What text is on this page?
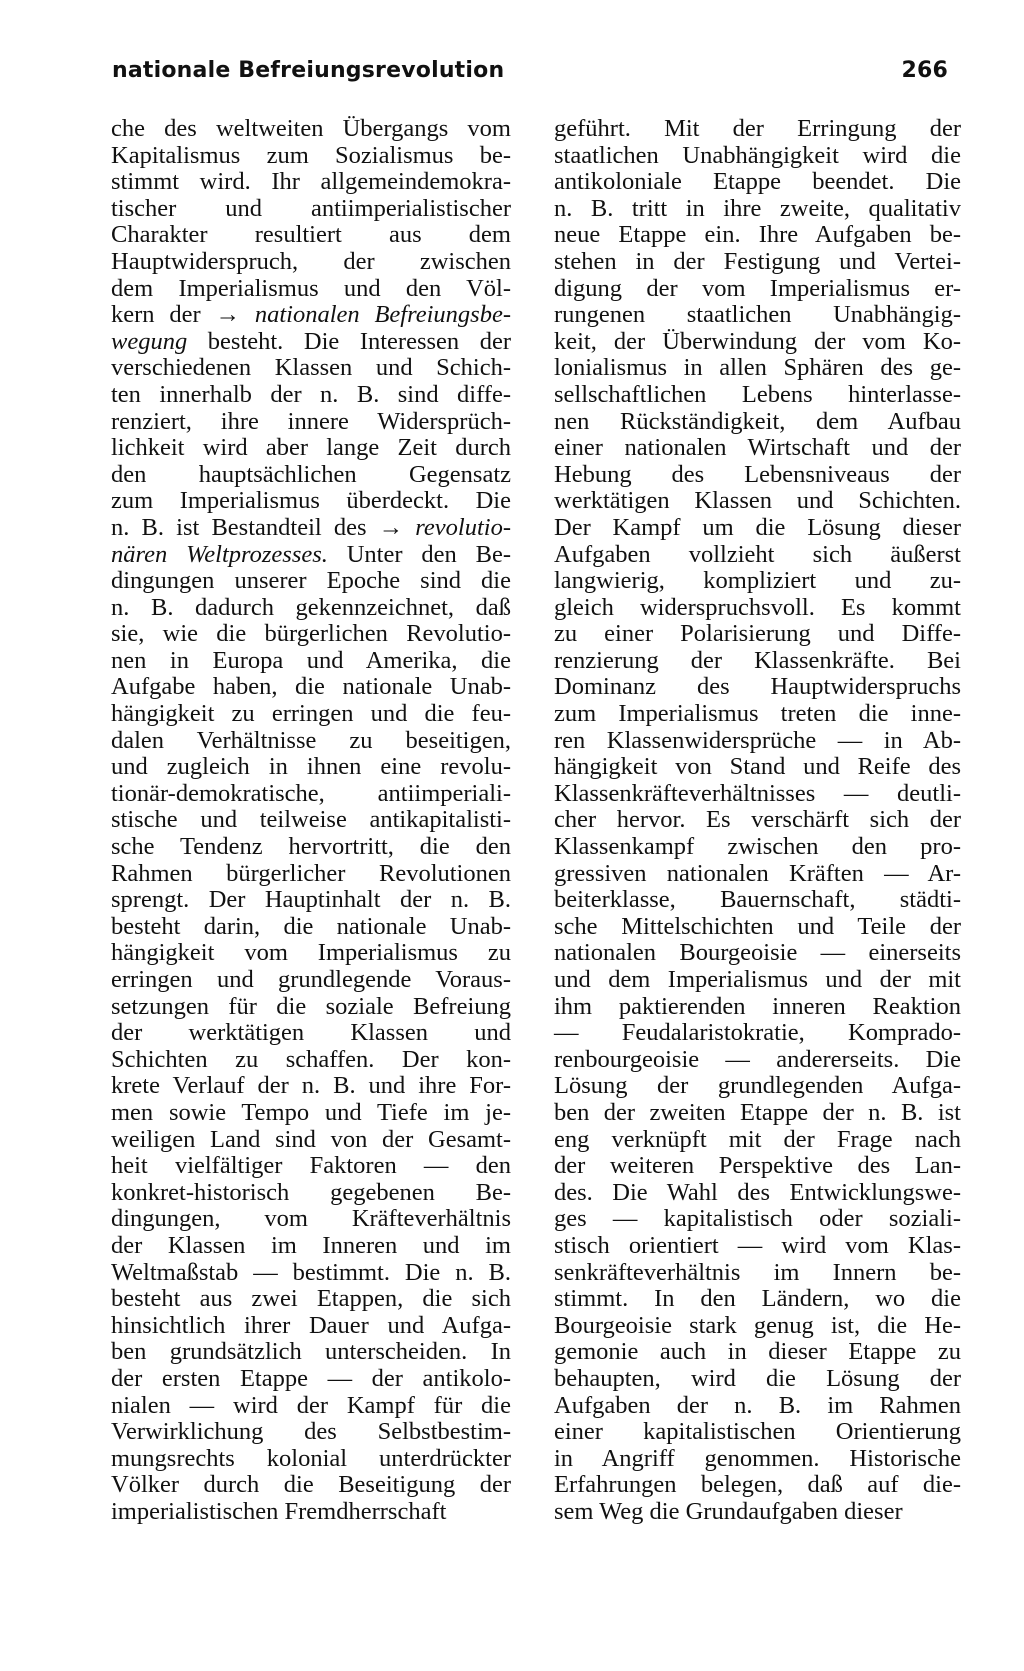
nationale Befreiungsrevolution	266
che des weltweiten Übergangs vom
Kapitalismus zum Sozialismus be-
stimmt wird. Ihr allgemeindemokra-
tischer und antiimperialistischer
Charakter resultiert aus dem
Hauptwiderspruch, der zwischen
dem Imperialismus und den Völ-
kern der → nationalen Befreiungsbe-
wegung besteht. Die Interessen der
verschiedenen Klassen und Schich-
ten innerhalb der n. B. sind diffe-
renziert, ihre innere Widersprüch-
lichkeit wird aber lange Zeit durch
den hauptsächlichen Gegensatz
zum Imperialismus überdeckt. Die
n. B. ist Bestandteil des → revolutio-
nären Weltprozesses. Unter den Be-
dingungen unserer Epoche sind die
n. B. dadurch gekennzeichnet, daß
sie, wie die bürgerlichen Revolutio-
nen in Europa und Amerika, die
Aufgabe haben, die nationale Unab-
hängigkeit zu erringen und die feu-
dalen Verhältnisse zu beseitigen,
und zugleich in ihnen eine revolu-
tionär-demokratische, antiimperiali-
stische und teilweise antikapitalisti-
sche Tendenz hervortritt, die den
Rahmen bürgerlicher Revolutionen
sprengt. Der Hauptinhalt der n. B.
besteht darin, die nationale Unab-
hängigkeit vom Imperialismus zu
erringen und grundlegende Voraus-
setzungen für die soziale Befreiung
der werktätigen Klassen und
Schichten zu schaffen. Der kon-
krete Verlauf der n. B. und ihre For-
men sowie Tempo und Tiefe im je-
weiligen Land sind von der Gesamt-
heit vielfältiger Faktoren — den
konkret-historisch gegebenen Be-
dingungen, vom Kräfteverhältnis
der Klassen im Inneren und im
Weltmaßstab — bestimmt. Die n. B.
besteht aus zwei Etappen, die sich
hinsichtlich ihrer Dauer und Aufga-
ben grundsätzlich unterscheiden. In
der ersten Etappe — der antikolo-
nialen — wird der Kampf für die
Verwirklichung des Selbstbestim-
mungsrechts kolonial unterdrückter
Völker durch die Beseitigung der
imperialistischen Fremdherrschaft
geführt. Mit der Erringung der
staatlichen Unabhängigkeit wird die
antikoloniale Etappe beendet. Die
n. B. tritt in ihre zweite, qualitativ
neue Etappe ein. Ihre Aufgaben be-
stehen in der Festigung und Vertei-
digung der vom Imperialismus er-
rungenen staatlichen Unabhängig-
keit, der Überwindung der vom Ko-
lonialismus in allen Sphären des ge-
sellschaftlichen Lebens hinterlasse-
nen Rückständigkeit, dem Aufbau
einer nationalen Wirtschaft und der
Hebung des Lebensniveaus der
werktätigen Klassen und Schichten.
Der Kampf um die Lösung dieser
Aufgaben vollzieht sich äußerst
langwierig, kompliziert und zu-
gleich widerspruchsvoll. Es kommt
zu einer Polarisierung und Diffe-
renzierung der Klassenkräfte. Bei
Dominanz des Hauptwiderspruchs
zum Imperialismus treten die inne-
ren Klassenwidersprüche — in Ab-
hängigkeit von Stand und Reife des
Klassenkräfteverhältnisses — deutli-
cher hervor. Es verschärft sich der
Klassenkampf zwischen den pro-
gressiven nationalen Kräften — Ar-
beiterklasse, Bauernschaft, städti-
sche Mittelschichten und Teile der
nationalen Bourgeoisie — einerseits
und dem Imperialismus und der mit
ihm paktierenden inneren Reaktion
— Feudalaristokratie, Komprado-
renbourgeoisie — andererseits. Die
Lösung der grundlegenden Aufga-
ben der zweiten Etappe der n. B. ist
eng verknüpft mit der Frage nach
der weiteren Perspektive des Lan-
des. Die Wahl des Entwicklungswe-
ges — kapitalistisch oder soziali-
stisch orientiert — wird vom Klas-
senkräfteverhältnis im Innern be-
stimmt. In den Ländern, wo die
Bourgeoisie stark genug ist, die He-
gemonie auch in dieser Etappe zu
behaupten, wird die Lösung der
Aufgaben der n. B. im Rahmen
einer kapitalistischen Orientierung
in Angriff genommen. Historische
Erfahrungen belegen, daß auf die-
sem Weg die Grundaufgaben dieser
